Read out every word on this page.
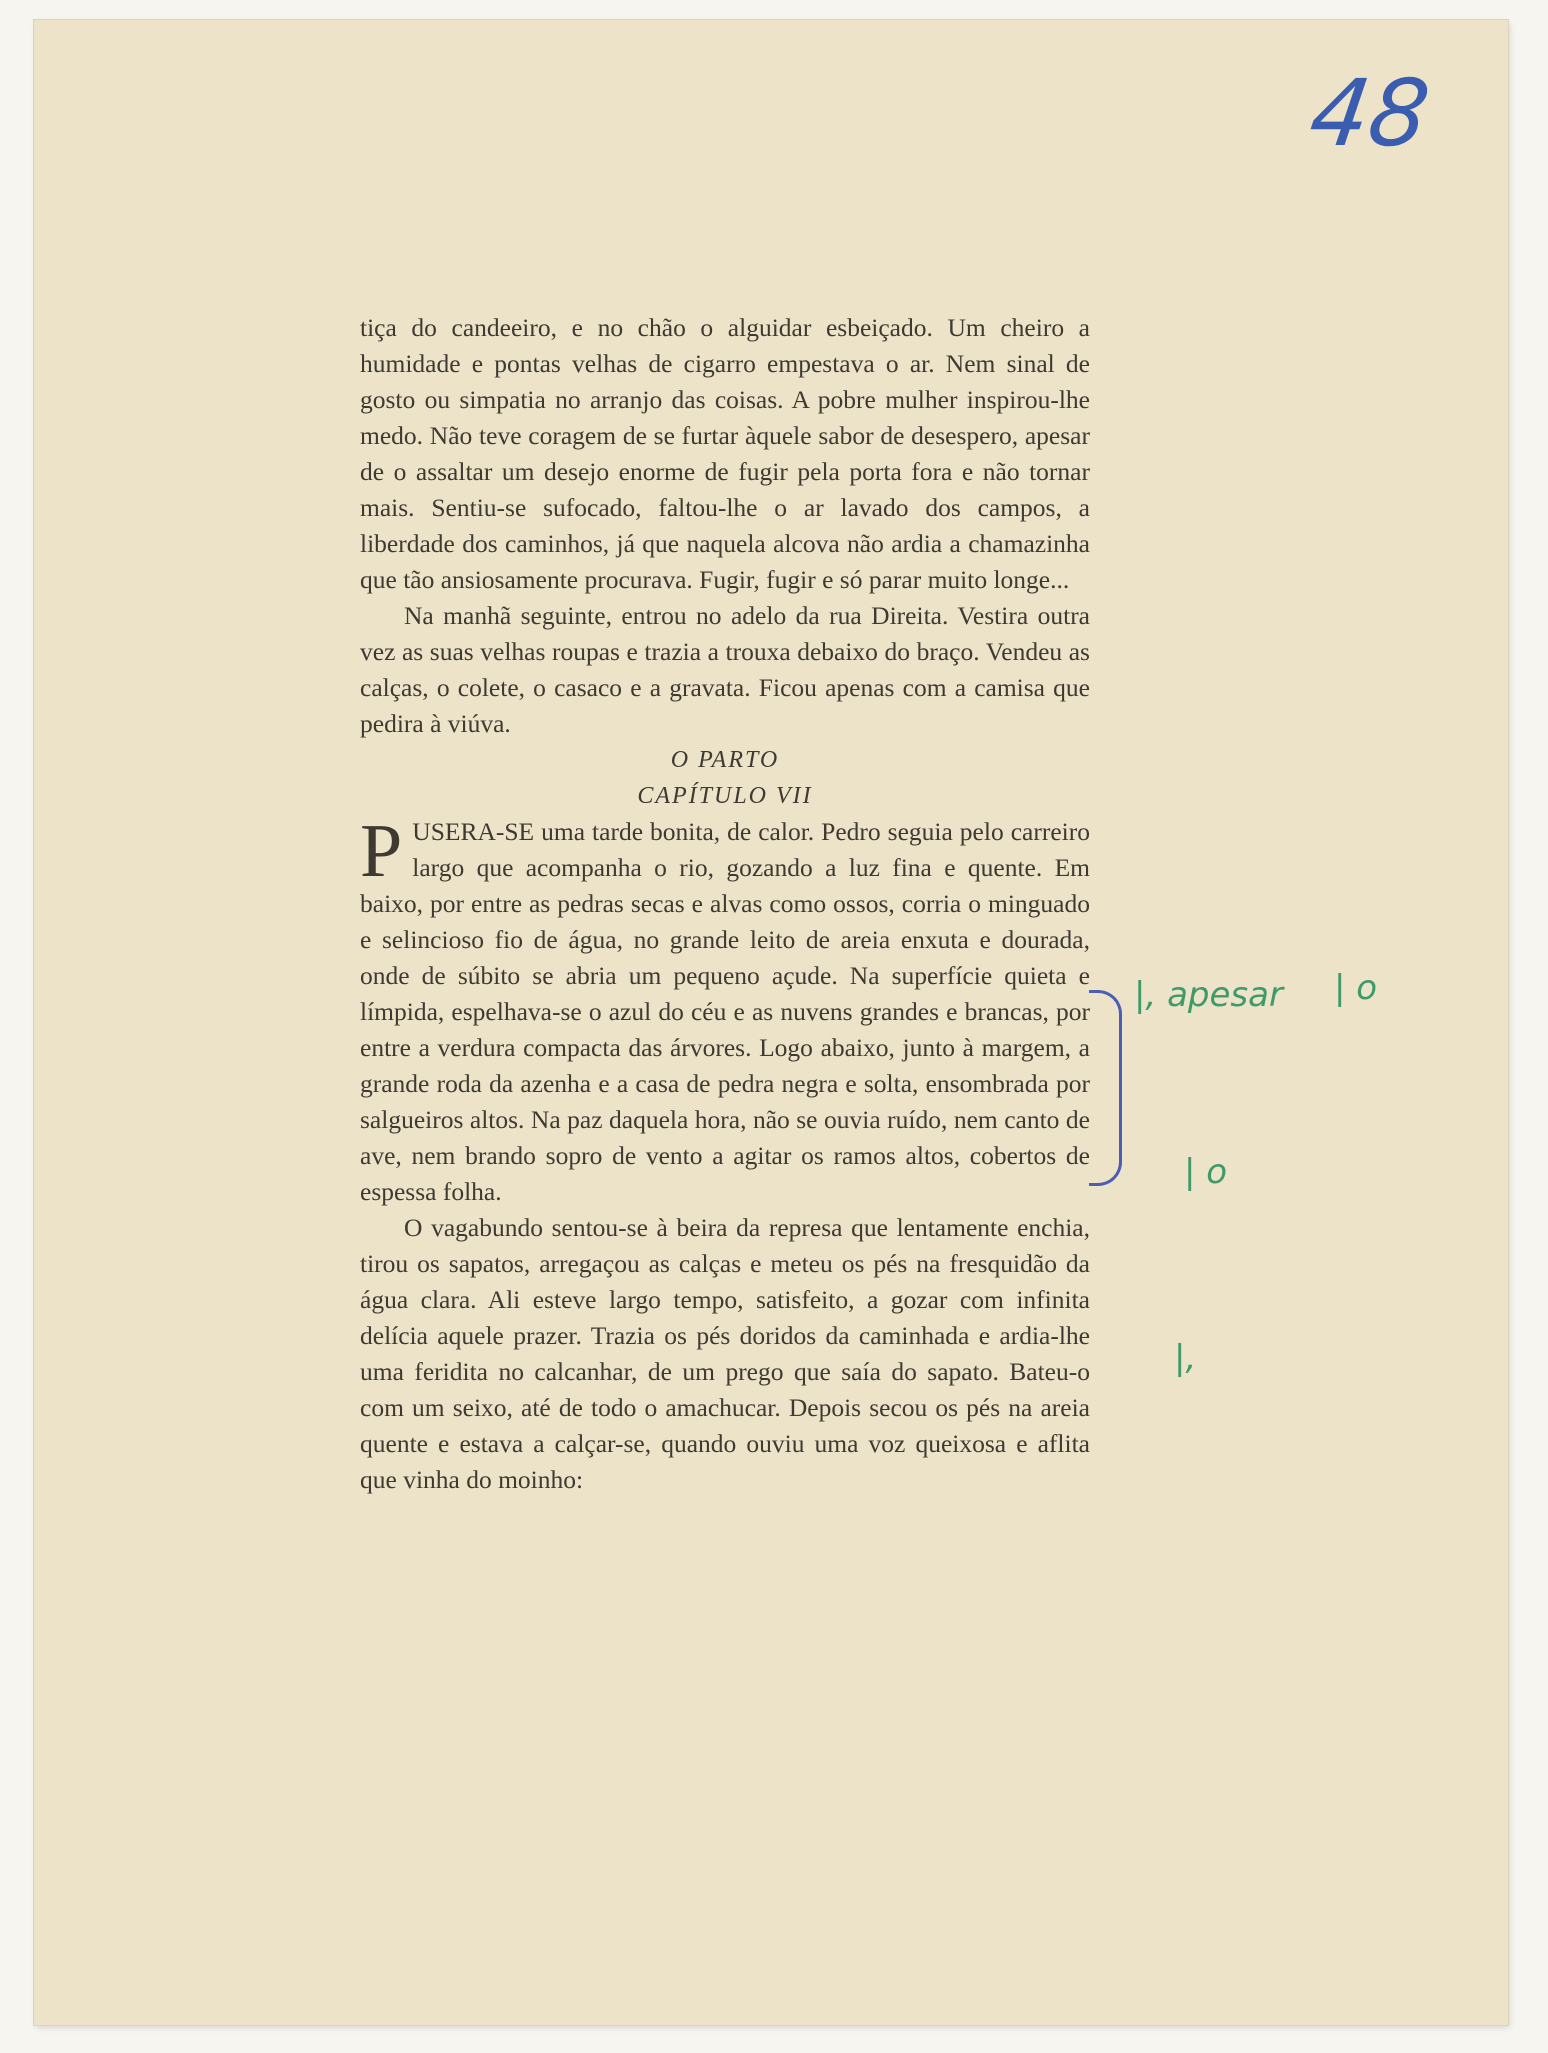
48

tiça do candeeiro, e no chão o alguidar esbeiçado. Um cheiro a humidade e pontas velhas de cigarro empestava o ar. Nem sinal de gosto ou simpatia no arranjo das coisas. A pobre mulher inspirou-lhe medo. Não teve coragem de se furtar àquele sabor de desespero, apesar de o assaltar um desejo enorme de fugir pela porta fora e não tornar mais. Sentiu-se sufocado, faltou-lhe o ar lavado dos campos, a liberdade dos caminhos, já que naquela alcova não ardia a chamazinha que tão ansiosamente procurava. Fugir, fugir e só parar muito longe...

Na manhã seguinte, entrou no adelo da rua Direita. Vestira outra vez as suas velhas roupas e trazia a trouxa debaixo do braço. Vendeu as calças, o colete, o casaco e a gravata. Ficou apenas com a camisa que pedira à viúva.

O PARTO

CAPÍTULO VII

PUSERA-SE uma tarde bonita, de calor. Pedro seguia pelo carreiro largo que acompanha o rio, gozando a luz fina e quente. Em baixo, por entre as pedras secas e alvas como ossos, corria o minguado e selincioso fio de água, no grande leito de areia enxuta e dourada, onde de súbito se abria um pequeno açude. Na superfície quieta e límpida, espelhava-se o azul do céu e as nuvens grandes e brancas, por entre a verdura compacta das árvores. Logo abaixo, junto à margem, a grande roda da azenha e a casa de pedra negra e solta, ensombrada por salgueiros altos. Na paz daquela hora, não se ouvia ruído, nem canto de ave, nem brando sopro de vento a agitar os ramos altos, cobertos de espessa folha.

O vagabundo sentou-se à beira da represa que lentamente enchia, tirou os sapatos, arregaçou as calças e meteu os pés na fresquidão da água clara. Ali esteve largo tempo, satisfeito, a gozar com infinita delícia aquele prazer. Trazia os pés doridos da caminhada e ardia-lhe uma feridita no calcanhar, de um prego que saía do sapato. Bateu-o com um seixo, até de todo o amachucar. Depois secou os pés na areia quente e estava a calçar-se, quando ouviu uma voz queixosa e aflita que vinha do moinho:

|, apesar | o
| o
|,
